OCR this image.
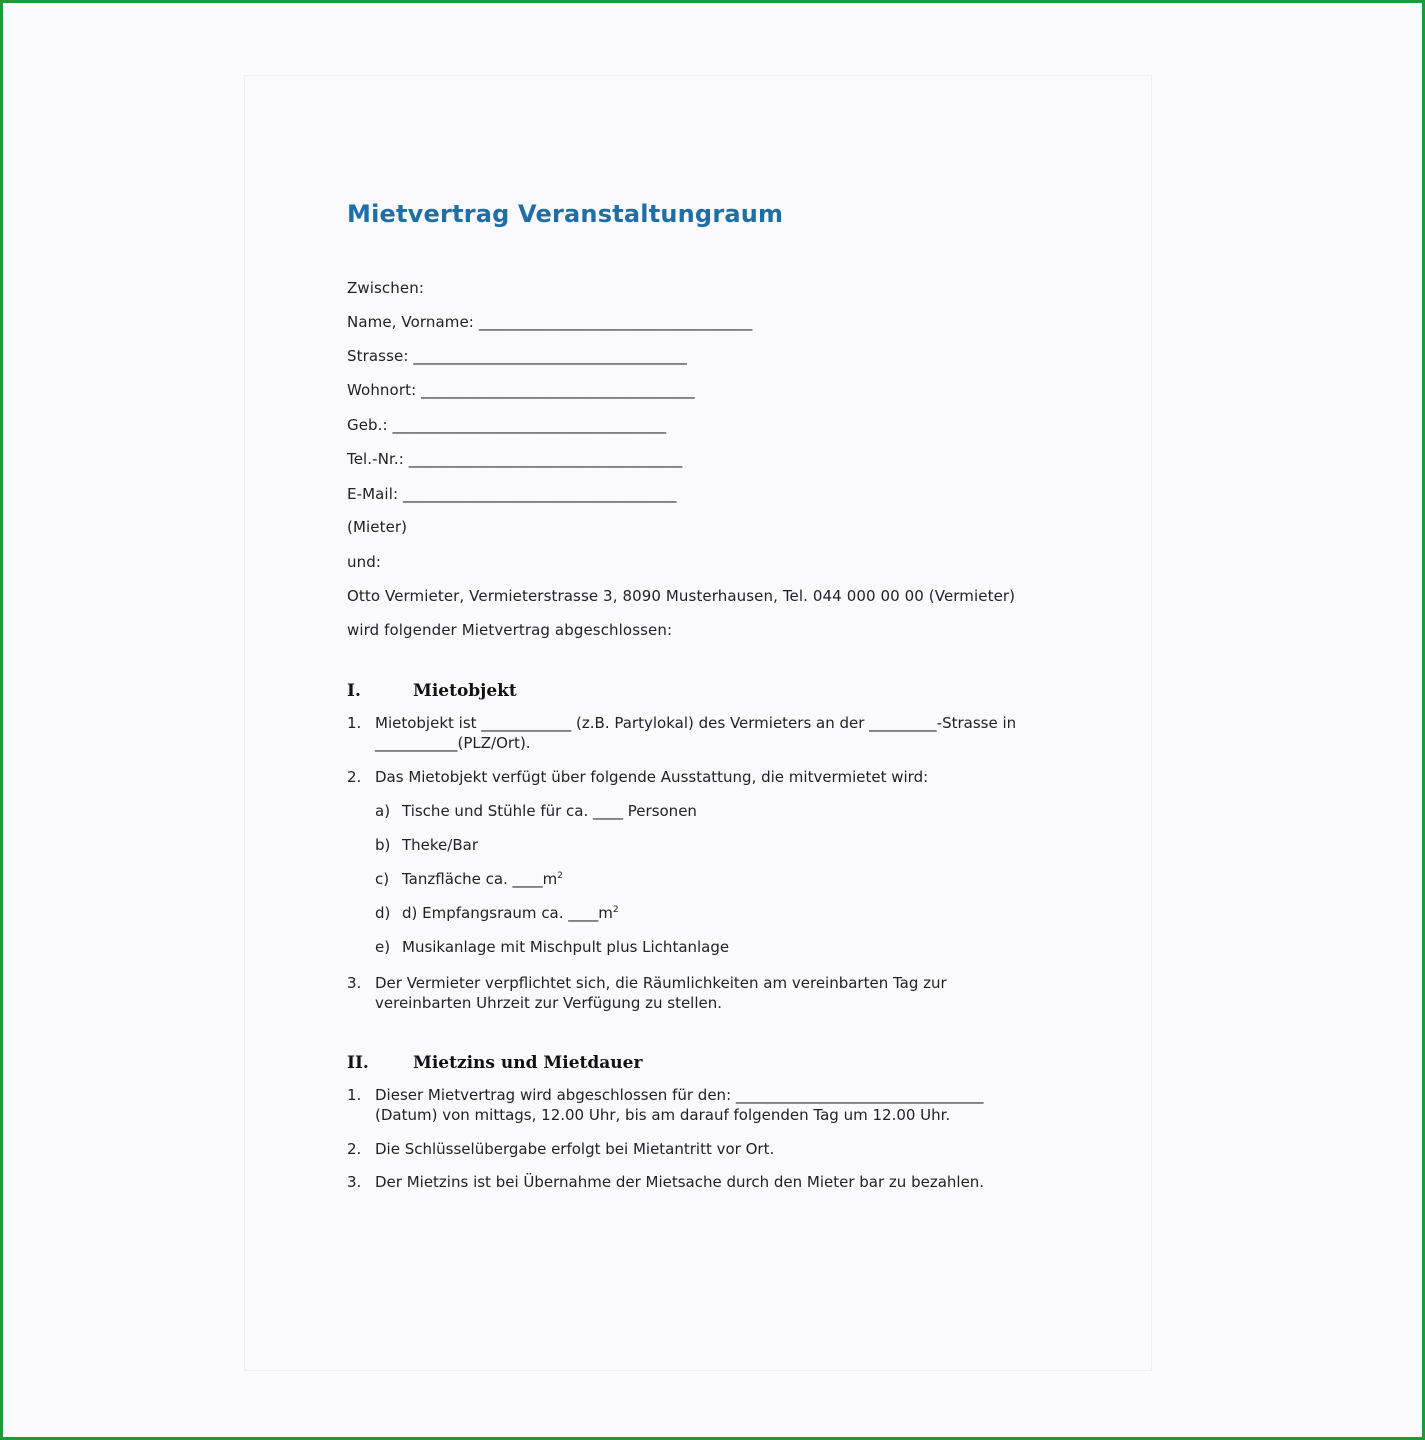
Mietvertrag Veranstaltungraum
Zwischen:
Name, Vorname: ____________________________________
Strasse: ____________________________________
Wohnort: ____________________________________
Geb.: ____________________________________
Tel.-Nr.: ____________________________________
E-Mail: ____________________________________
(Mieter)
und:
Otto Vermieter, Vermieterstrasse 3, 8090 Musterhausen, Tel. 044 000 00 00 (Vermieter)
wird folgender Mietvertrag abgeschlossen:
I.	Mietobjekt
1. Mietobjekt ist ____________ (z.B. Partylokal) des Vermieters an der _________-Strasse in ___________(PLZ/Ort).
2. Das Mietobjekt verfügt über folgende Ausstattung, die mitvermietet wird:
a) Tische und Stühle für ca. ____ Personen
b) Theke/Bar
c) Tanzfläche ca. $\_\_\_\_m^2$
d) d) Empfangsraum ca. $\_\_\_\_m^2$
e) Musikanlage mit Mischpult plus Lichtanlage
3. Der Vermieter verpflichtet sich, die Räumlichkeiten am vereinbarten Tag zur vereinbarten Uhrzeit zur Verfügung zu stellen.
II.	Mietzins und Mietdauer
1. Dieser Mietvertrag wird abgeschlossen für den: _________________________________ (Datum) von mittags, 12.00 Uhr, bis am darauf folgenden Tag um 12.00 Uhr.
2. Die Schlüsselübergabe erfolgt bei Mietantritt vor Ort.
3. Der Mietzins ist bei Übernahme der Mietsache durch den Mieter bar zu bezahlen.
